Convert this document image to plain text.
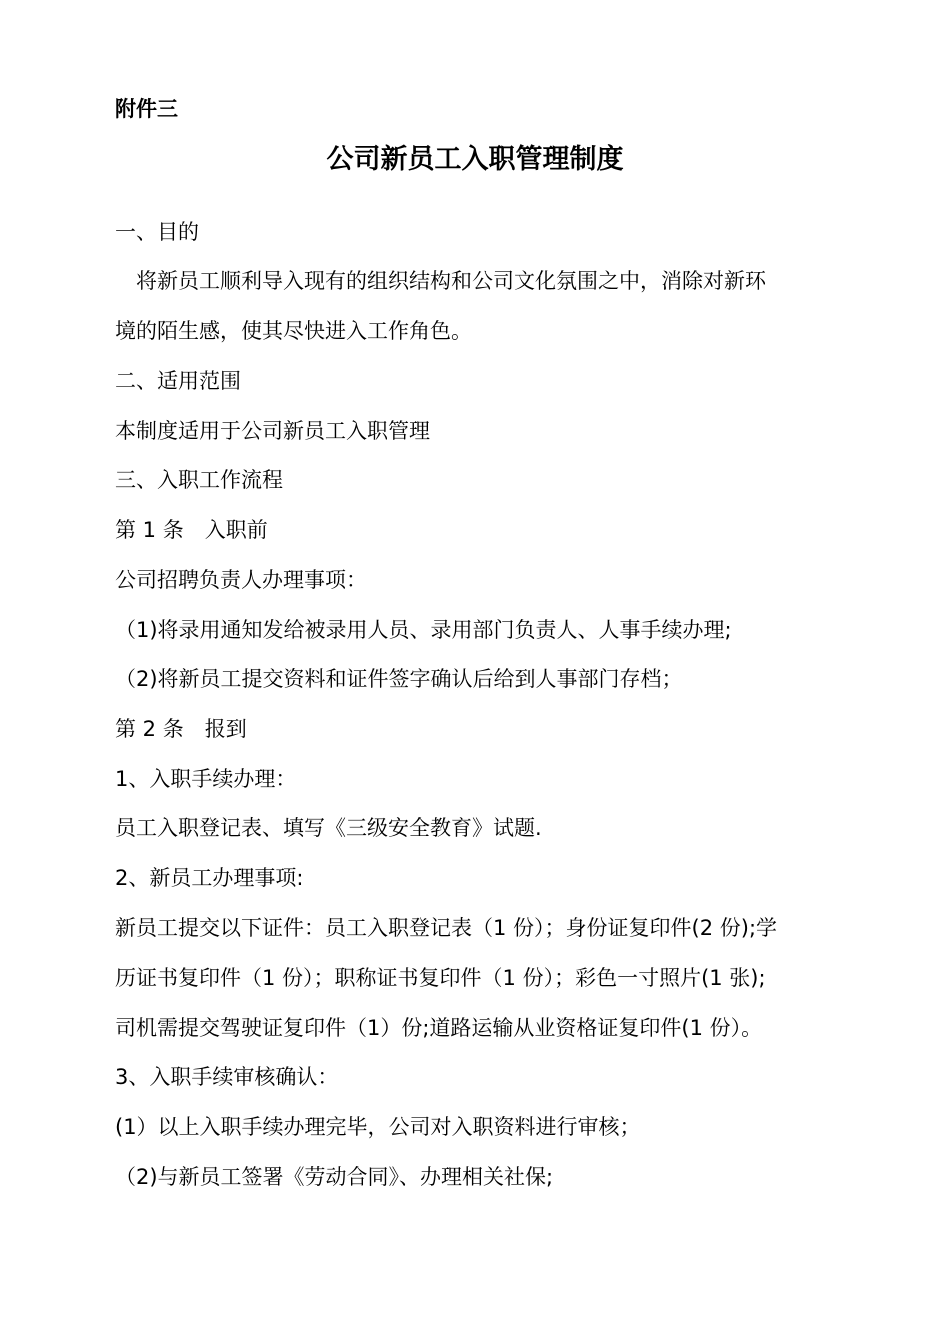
附件三
公司新员工入职管理制度
一、目的
　将新员工顺利导入现有的组织结构和公司文化氛围之中，消除对新环
境的陌生感，使其尽快进入工作角色。
二、适用范围
本制度适用于公司新员工入职管理
三、入职工作流程
第 1 条　入职前
公司招聘负责人办理事项：
（1)将录用通知发给被录用人员、录用部门负责人、人事手续办理;
（2)将新员工提交资料和证件签字确认后给到人事部门存档；
第 2 条　报到
1、入职手续办理：
员工入职登记表、填写《三级安全教育》试题.
2、新员工办理事项:
新员工提交以下证件：员工入职登记表（1 份）；身份证复印件(2 份);学
历证书复印件（1 份）；职称证书复印件（1 份）；彩色一寸照片(1 张);
司机需提交驾驶证复印件（1）份;道路运输从业资格证复印件(1 份）。
3、入职手续审核确认：
(1）以上入职手续办理完毕，公司对入职资料进行审核；
（2)与新员工签署《劳动合同》、办理相关社保;
